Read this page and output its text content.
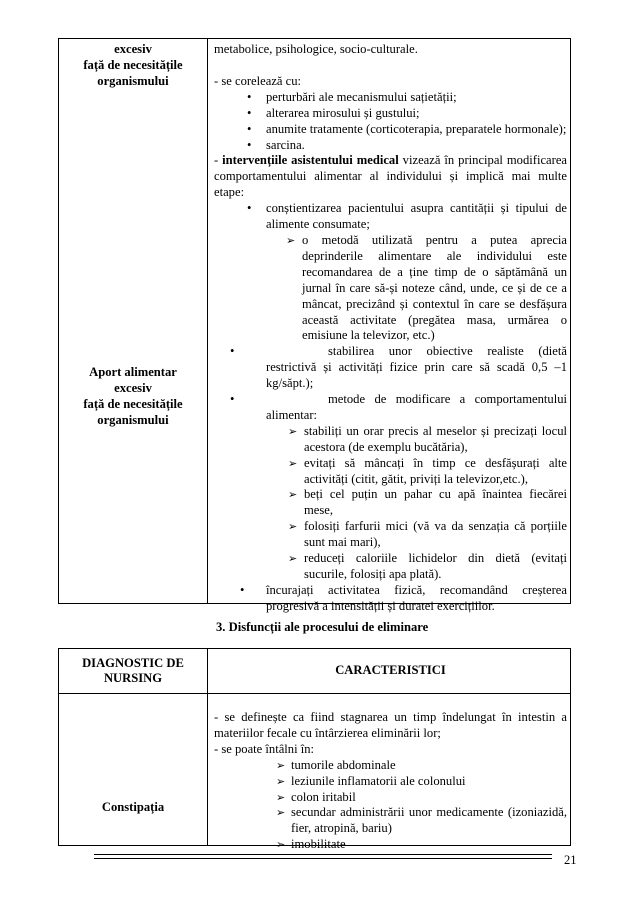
excesiv
față de necesitățile
organismului
Aport alimentar
excesiv
față de necesitățile
organismului

metabolice, psihologice, socio-culturale.

- se corelează cu:

• perturbări ale mecanismului sațietății;
• alterarea mirosului și gustului;
• anumite tratamente (corticoterapia, preparatele hormonale);
• sarcina.

- intervențiile asistentului medical vizează în principal modificarea comportamentului alimentar al individului și implică mai multe etape:

• conștientizarea pacientului asupra cantității și tipului de alimente consumate;
➢ o metodă utilizată pentru a putea aprecia deprinderile alimentare ale individului este recomandarea de a ține timp de o săptămână un jurnal în care să-și noteze când, unde, ce și de ce a mâncat, precizând și contextul în care se desfășura această activitate (pregătea masa, urmărea o emisiune la televizor, etc.)
• stabilirea unor obiective realiste (dietă restrictivă și activități fizice prin care să scadă 0,5 –1 kg/săpt.);
• metode de modificare a comportamentului alimentar:
➢ stabiliți un orar precis al meselor și precizați locul acestora (de exemplu bucătăria),
➢ evitați să mâncați în timp ce desfășurați alte activități (citit, gătit, priviți la televizor,etc.),
➢ beți cel puțin un pahar cu apă înaintea fiecărei mese,
➢ folosiți farfurii mici (vă va da senzația că porțiile sunt mai mari),
➢ reduceți caloriile lichidelor din dietă (evitați sucurile, folosiți apa plată).
• încurajați activitatea fizică, recomandând creșterea progresivă a intensității și duratei exercițiilor.
3. Disfuncții ale procesului de eliminare
DIAGNOSTIC DE
NURSING
CARACTERISTICI
Constipația

- se definește ca fiind stagnarea un timp îndelungat în intestin a materiilor fecale cu întârzierea eliminării lor;

- se poate întâlni în:

➢ tumorile abdominale
➢ leziunile inflamatorii ale colonului
➢ colon iritabil
➢ secundar administrării unor medicamente (izoniazidă, fier, atropină, bariu)
➢ imobilitate
21
